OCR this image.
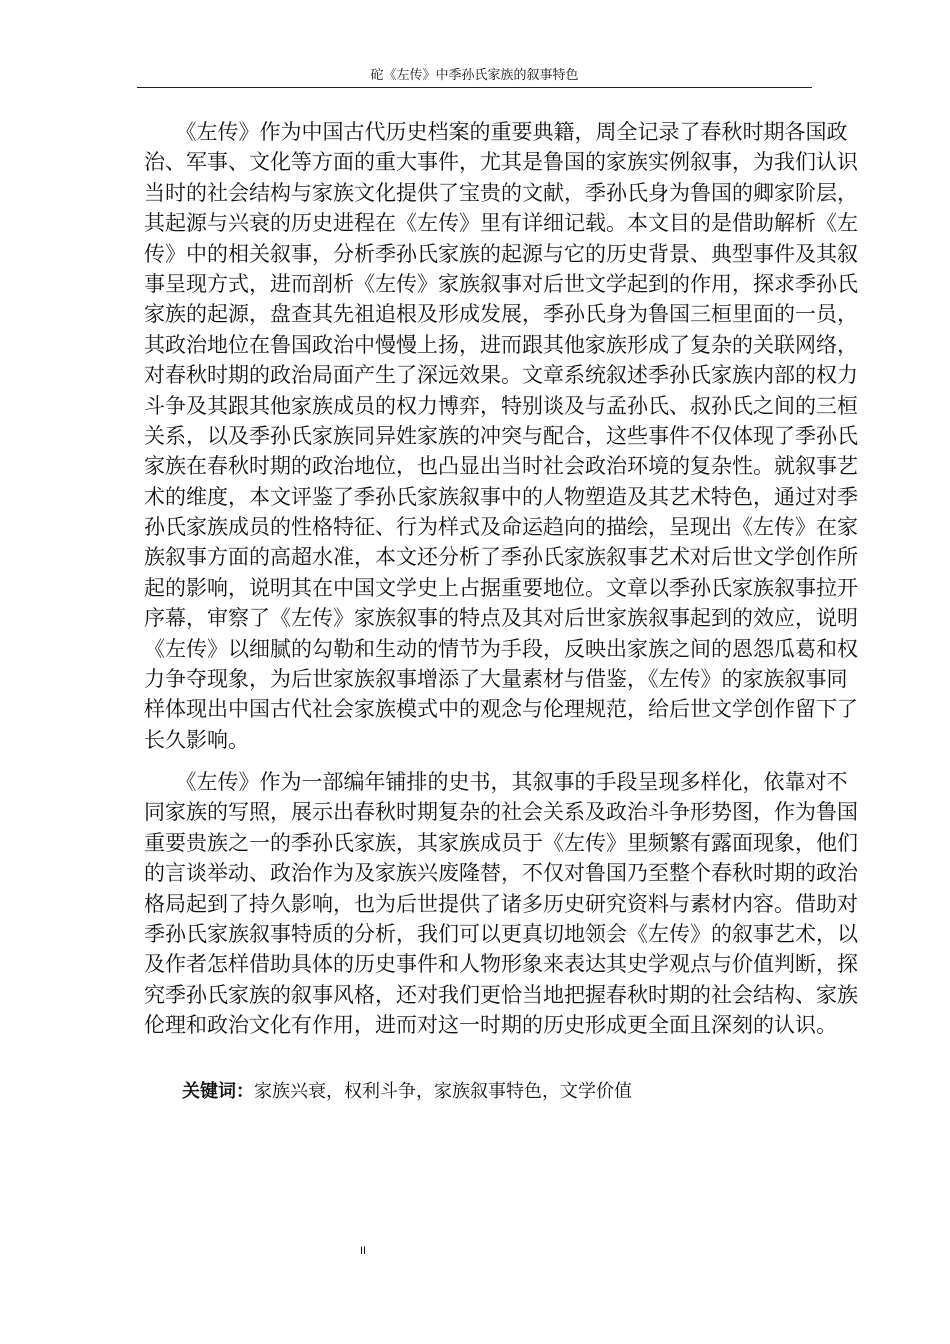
砣《左传》中季孙氏家族的叙事特色
　　《左传》作为中国古代历史档案的重要典籍，周全记录了春秋时期各国政
治、军事、文化等方面的重大事件，尤其是鲁国的家族实例叙事，为我们认识
当时的社会结构与家族文化提供了宝贵的文献，季孙氏身为鲁国的卿家阶层，
其起源与兴衰的历史进程在《左传》里有详细记载。本文目的是借助解析《左
传》中的相关叙事，分析季孙氏家族的起源与它的历史背景、典型事件及其叙
事呈现方式，进而剖析《左传》家族叙事对后世文学起到的作用，探求季孙氏
家族的起源，盘查其先祖追根及形成发展，季孙氏身为鲁国三桓里面的一员，
其政治地位在鲁国政治中慢慢上扬，进而跟其他家族形成了复杂的关联网络，
对春秋时期的政治局面产生了深远效果。文章系统叙述季孙氏家族内部的权力
斗争及其跟其他家族成员的权力博弈，特别谈及与孟孙氏、叔孙氏之间的三桓
关系，以及季孙氏家族同异姓家族的冲突与配合，这些事件不仅体现了季孙氏
家族在春秋时期的政治地位，也凸显出当时社会政治环境的复杂性。就叙事艺
术的维度，本文评鉴了季孙氏家族叙事中的人物塑造及其艺术特色，通过对季
孙氏家族成员的性格特征、行为样式及命运趋向的描绘，呈现出《左传》在家
族叙事方面的高超水准，本文还分析了季孙氏家族叙事艺术对后世文学创作所
起的影响，说明其在中国文学史上占据重要地位。文章以季孙氏家族叙事拉开
序幕，审察了《左传》家族叙事的特点及其对后世家族叙事起到的效应，说明
《左传》以细腻的勾勒和生动的情节为手段，反映出家族之间的恩怨瓜葛和权
力争夺现象，为后世家族叙事增添了大量素材与借鉴，《左传》的家族叙事同
样体现出中国古代社会家族模式中的观念与伦理规范，给后世文学创作留下了
长久影响。
　　《左传》作为一部编年铺排的史书，其叙事的手段呈现多样化，依靠对不
同家族的写照，展示出春秋时期复杂的社会关系及政治斗争形势图，作为鲁国
重要贵族之一的季孙氏家族，其家族成员于《左传》里频繁有露面现象，他们
的言谈举动、政治作为及家族兴废隆替，不仅对鲁国乃至整个春秋时期的政治
格局起到了持久影响，也为后世提供了诸多历史研究资料与素材内容。借助对
季孙氏家族叙事特质的分析，我们可以更真切地领会《左传》的叙事艺术，以
及作者怎样借助具体的历史事件和人物形象来表达其史学观点与价值判断，探
究季孙氏家族的叙事风格，还对我们更恰当地把握春秋时期的社会结构、家族
伦理和政治文化有作用，进而对这一时期的历史形成更全面且深刻的认识。
关键词：家族兴衰，权利斗争，家族叙事特色，文学价值
II
